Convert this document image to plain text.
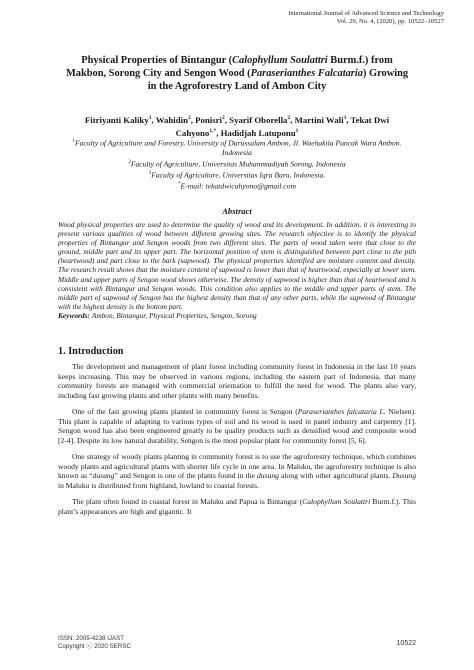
International Journal of Advanced Science and Technology
Vol. 29, No. 4, (2020), pp. 10522–10527
Physical Properties of Bintangur (Calophyllum Soulattri Burm.f.) from Makbon, Sorong City and Sengon Wood (Paraserianthes Falcataria) Growing in the Agroforestry Land of Ambon City
Fitriyanti Kaliky$^1$, Wahidin$^2$, Ponisri$^2$, Syarif Oborella$^2$, Martini Wali$^3$, Tekat Dwi Cahyono$^{1,*}$, Hadidjah Latuponu$^1$
$^1$Faculty of Agriculture and Forestry, University of Darussalam Ambon, Jl. Waehakila Puncak Wara Ambon. Indonesia
$^2$Faculty of Agriculture, Universitas Muhammadiyah Sorong, Indonesia
$^3$Faculty of Agriculture, Universitas Iqra Buru, Indonesia.
*E-mail: tekatdwicahyono@gmail.com
Abstract
Wood physical properties are used to determine the quality of wood and its development. In addition, it is interesting to present various qualities of wood between different growing sites. The research objective is to identify the physical properties of Bintangur and Sengon woods from two different sites. The parts of wood taken were that close to the ground, middle part and its upper part. The horizontal position of stem is distinguished between part close to the pith (heartwood) and part close to the bark (sapwood). The physical properties identified are moisture content and density. The research result shows that the moisture content of sapwood is lower than that of heartwood, especially at lower stem. Middle and upper parts of Sengon wood shows otherwise. The density of sapwood is higher than that of heartwood and is consistent with Bintangur and Sengon woods. This condition also applies to the middle and upper parts of stem. The middle part of sapwood of Sengon has the highest density than that of any other parts, while the sapwood of Bintangur with the highest density is the bottom part.
Keywords: Ambon, Bintangur, Physical Properties, Sengon, Sorong
1. Introduction

The development and management of plant forest including community forest in Indonesia in the last 10 years keeps increasing. This may be observed in various regions, including the eastern part of Indonesia, that many community forests are managed with commercial orientation to fulfill the need for wood. The plants also vary, including fast growing plants and other plants with many benefits.

One of the fast growing plants planted in community forest is Sengon (Paraserianthes falcataria L. Nielsen). This plant is capable of adapting to various types of soil and its wood is used in panel industry and carpentry [1]. Sengon wood has also been engineered greatly to be quality products such as densified wood and composite wood [2-4]. Despite its low natural durability, Sengon is the most popular plant for community forest [5, 6].

One strategy of woody plants planting in community forest is to use the agroforestry technique, which combines woody plants and agricultural plants with shorter life cycle in one area. In Maluku, the agroforestry technique is also known as “dusung” and Sengon is one of the plants found in the dusung along with other agricultural plants. Dusung in Maluku is distributed from highland, lowland to coastal forests.

The plant often found in coastal forest in Maluku and Papua is Bintangur (Calophyllum Soulattri Burm.f.). This plant’s appearances are high and gigantic. It

ISSN: 2005-4238 IJAST
Copyright ⓒ 2020 SERSC	10522
